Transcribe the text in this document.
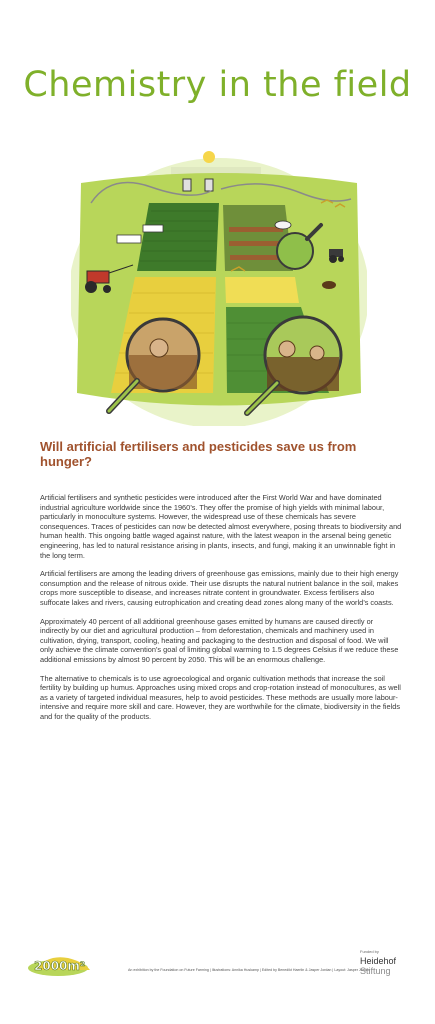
Chemistry in the field
Will artificial fertilisers and pesticides save us from hunger?

Artificial fertilisers and synthetic pesticides were introduced after the First World War and have dominated industrial agriculture worldwide since the 1960’s. They offer the promise of high yields with minimal labour, particularly in monoculture systems. However, the widespread use of these chemicals has severe consequences. Traces of pesticides can now be detected almost everywhere, posing threats to biodiversity and human health. This ongoing battle waged against nature, with the latest weapon in the arsenal being genetic engineering, has led to natural resistance arising in plants, insects, and fungi, making it an unwinnable fight in the long term.

Artificial fertilisers are among the leading drivers of greenhouse gas emissions, mainly due to their high energy consumption and the release of nitrous oxide. Their use disrupts the natural nutrient balance in the soil, makes crops more susceptible to disease, and increases nitrate content in groundwater. Excess fertilisers also suffocate lakes and rivers, causing eutrophication and creating dead zones along many of the world’s coasts.

Approximately 40 percent of all additional greenhouse gases emitted by humans are caused directly or indirectly by our diet and agricultural production – from deforestation, chemicals and machinery used in cultivation, drying, transport, cooling, heating and packaging to the destruction and disposal of food. We will only achieve the climate convention’s goal of limiting global warming to 1.5 degrees Celsius if we reduce these additional emissions by almost 90 percent by 2050. This will be an enormous challenge.

The alternative to chemicals is to use agroecological and organic cultivation methods that increase the soil fertility by building up humus. Approaches using mixed crops and crop-rotation instead of monocultures, as well as a variety of targeted individual measures, help to avoid pesticides. These methods are usually more labour-intensive and require more skill and care. However, they are worthwhile for the climate, biodiversity in the fields and for the quality of the products.

2000m²	An exhibition by the Foundation on Future Farming | Illustrations: Annika Huskamp | Edited by Benedikt Haerlin & Jasper Jordan | Layout: Jasper Jordan
Funded by
Heidehof
Stiftung
